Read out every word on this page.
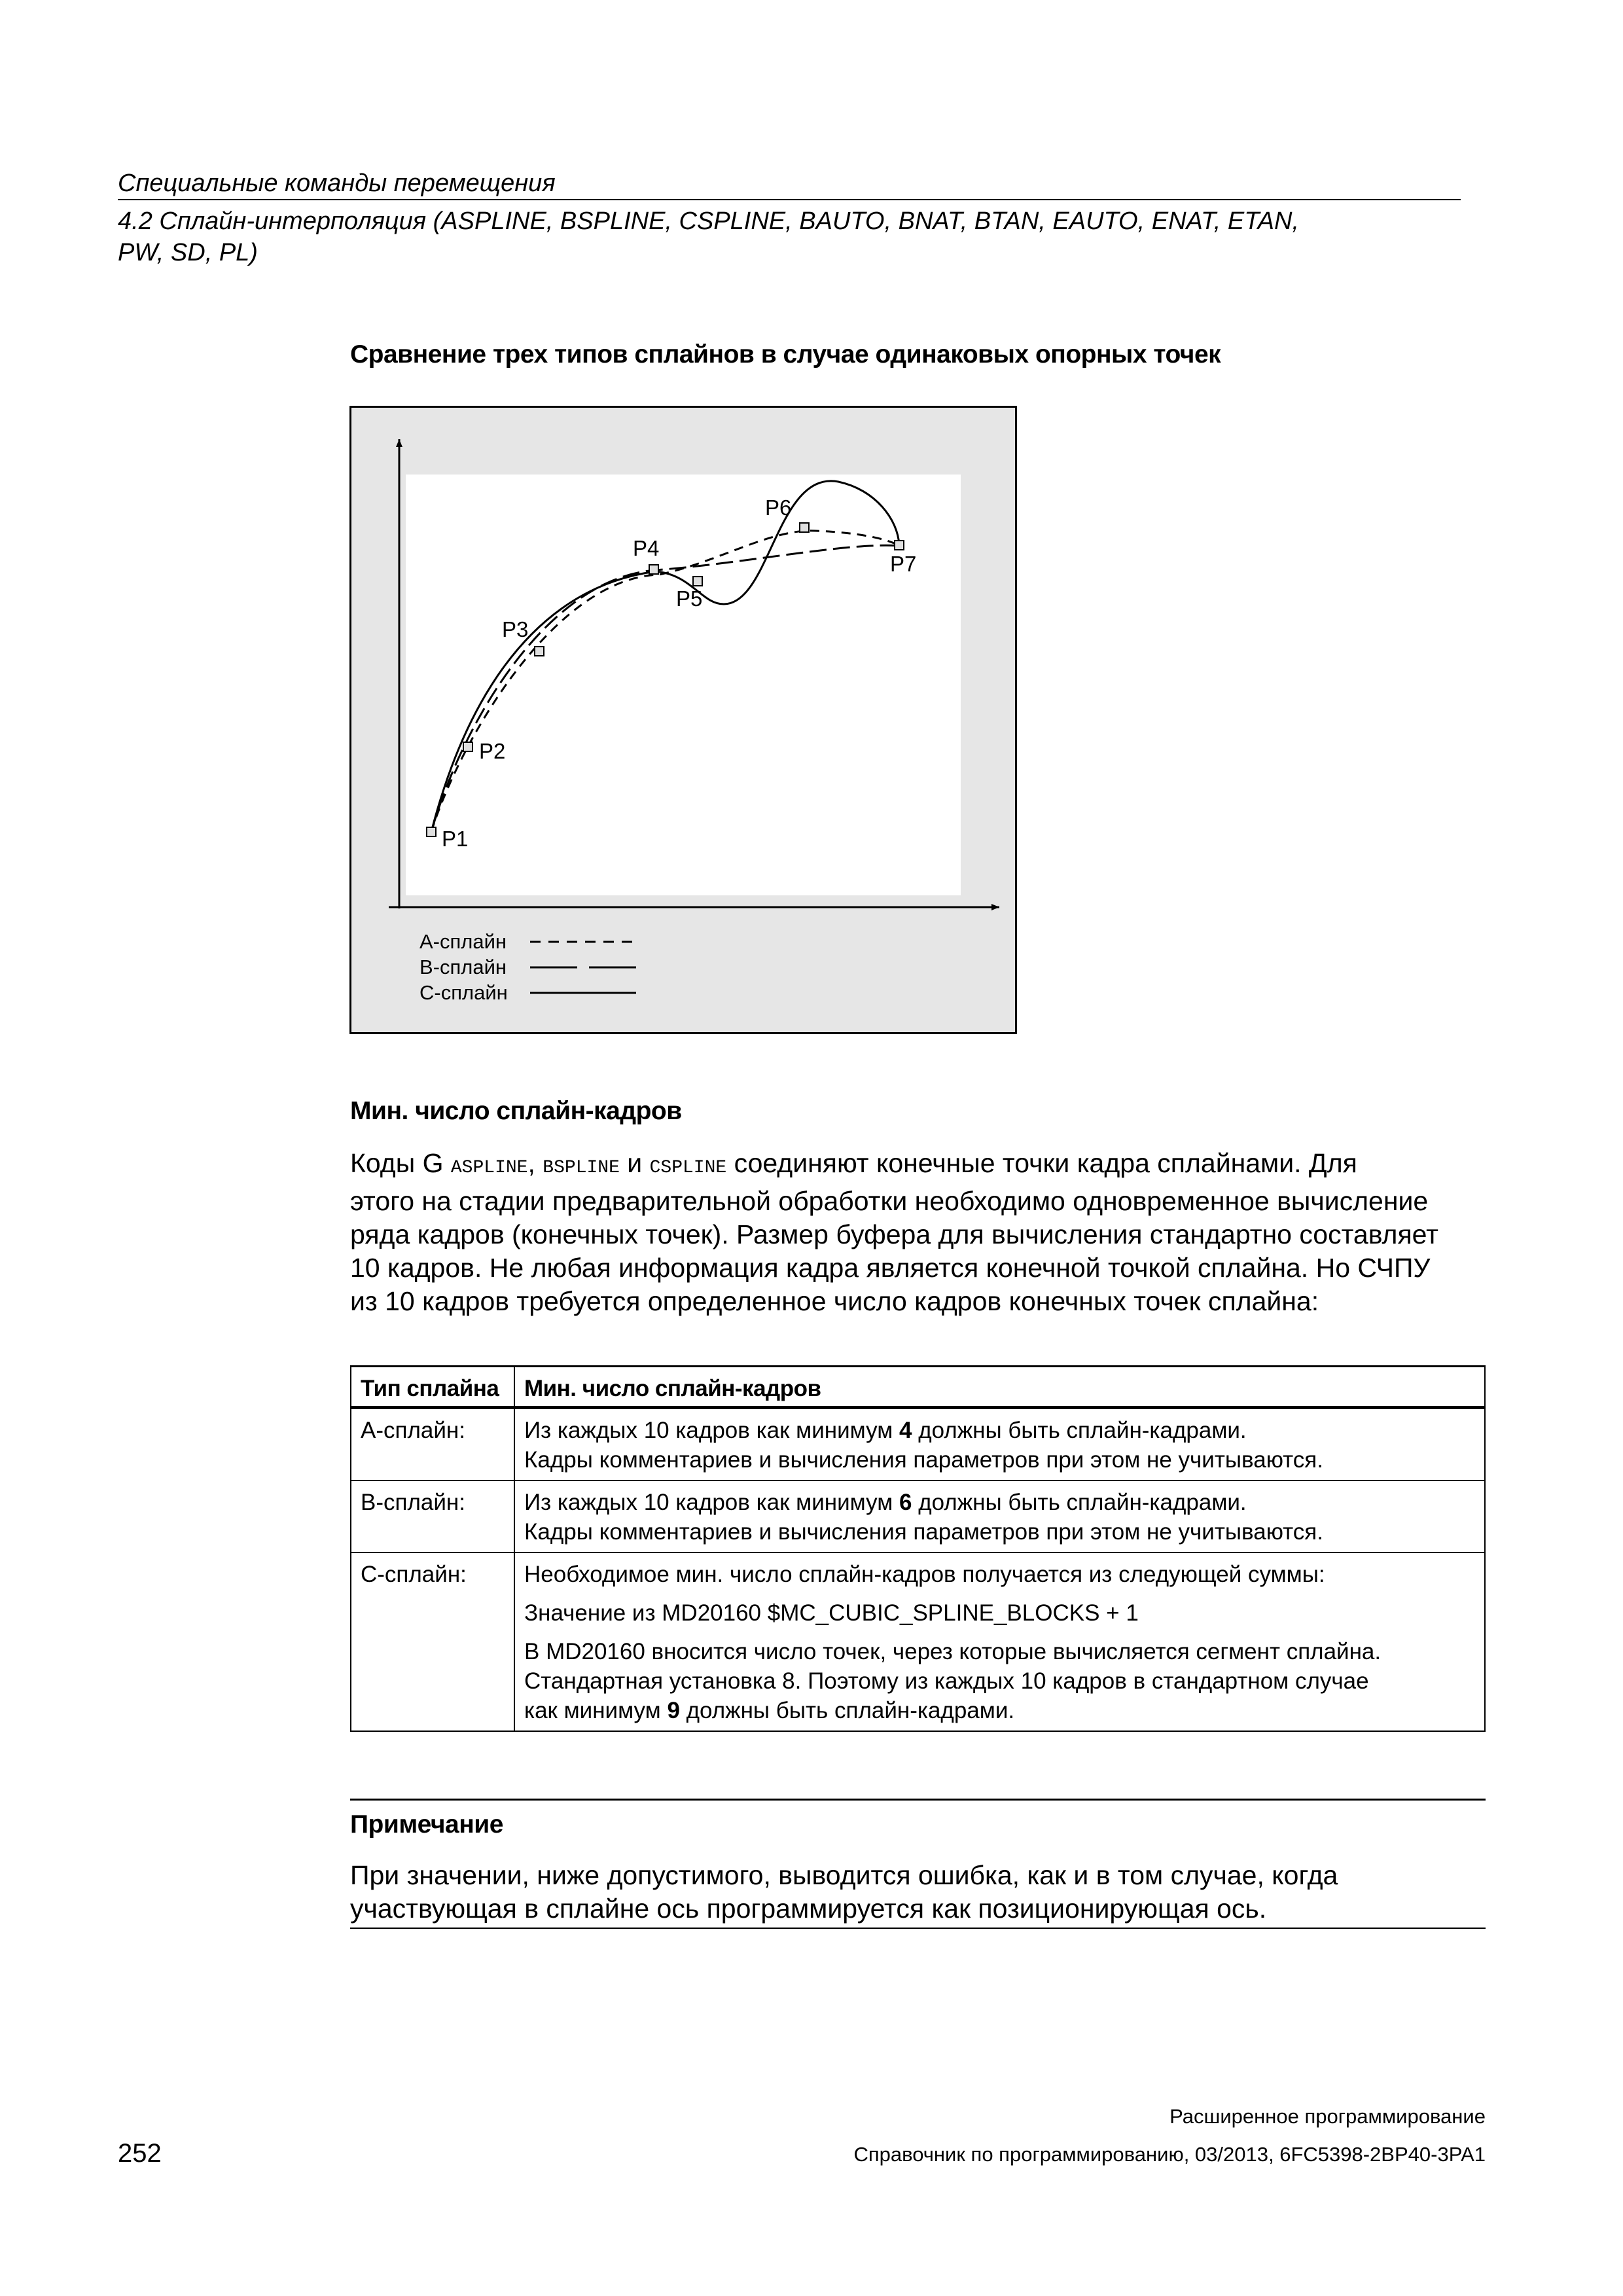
Специальные команды перемещения
4.2 Сплайн-интерполяция (ASPLINE, BSPLINE, CSPLINE, BAUTO, BNAT, BTAN, EAUTO, ENAT, ETAN,
PW, SD, PL)
Сравнение трех типов сплайнов в случае одинаковых опорных точек
P1
P2
P3
P4
P5
P6
P7
A-сплайн
B-сплайн
C-сплайн
Мин. число сплайн-кадров
Коды G ASPLINE, BSPLINE и CSPLINE соединяют конечные точки кадра сплайнами. Для
этого на стадии предварительной обработки необходимо одновременное вычисление
ряда кадров (конечных точек). Размер буфера для вычисления стандартно составляет
10 кадров. Не любая информация кадра является конечной точкой сплайна. Но СЧПУ
из 10 кадров требуется определенное число кадров конечных точек сплайна:
Тип сплайна	Мин. число сплайн-кадров
A-сплайн:	Из каждых 10 кадров как минимум 4 должны быть сплайн-кадрами.
Кадры комментариев и вычисления параметров при этом не учитываются.

B-сплайн:	Из каждых 10 кадров как минимум 6 должны быть сплайн-кадрами.
Кадры комментариев и вычисления параметров при этом не учитываются.

C-сплайн:	Необходимое мин. число сплайн-кадров получается из следующей суммы:
Значение из MD20160 $MC_CUBIC_SPLINE_BLOCKS + 1
В MD20160 вносится число точек, через которые вычисляется сегмент сплайна.
Стандартная установка 8. Поэтому из каждых 10 кадров в стандартном случае
как минимум 9 должны быть сплайн-кадрами.
Примечание
При значении, ниже допустимого, выводится ошибка, как и в том случае, когда
участвующая в сплайне ось программируется как позиционирующая ось.
Расширенное программирование
252	Справочник по программированию, 03/2013, 6FC5398-2BP40-3PA1
